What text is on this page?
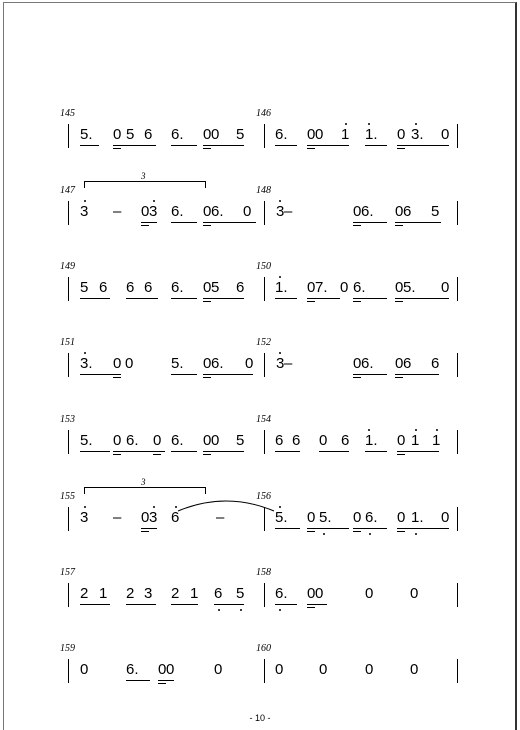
145
5. 0 5 6 6. 0 0 5
146
6. 0 0 1 1. 0 3. 0
147
3 – 0 3 6. 0 6. 0
148
3 –	0 6. 0 6 5
3
149
5 6 6 6 6. 0 5 6
150
1. 0 7. 0 6. 0 5. 0
151
3. 0 0	5. 0 6. 0
152
3 –	0 6. 0 6 6
153
5. 0 6. 0 6. 0 0 5
154
6 6 0 6 1. 0 1 1
155
3 – 0 3 6 –
156
5. 0 5. 0 6. 0 1. 0
3
157
2 1 2 3 2 1 6 5
158
6. 0 0	0 0
159
0	6. 0 0	0
160
0 0	0 0
- 10 -
